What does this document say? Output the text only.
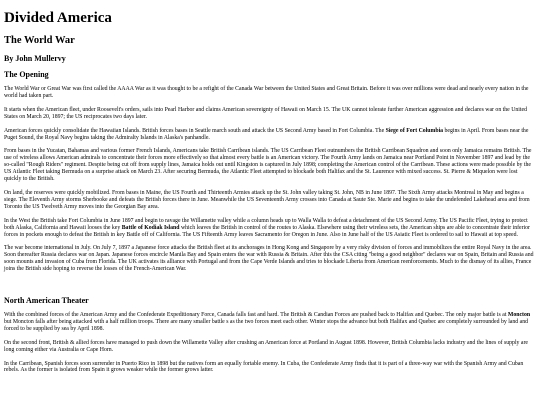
Divided America
The World War
By John Mullervy
The Opening

The World War or Great War was first called the AAAA War as it was thought to be a refight of the Canada War between the United States and Great Britain. Before it was over millions were dead and nearly every nation in the world had taken part.

It starts when the American fleet, under Roosevelt's orders, sails into Pearl Harbor and claims American sovereignty of Hawaii on March 15. The UK cannot tolerate further American aggression and declares war on the United States on March 20, 1897; the US reciprocates two days later.

American forces quickly consolidate the Hawaiian Islands. British forces bases in Seattle march south and attack the US Second Army based in Fort Columbia. The Siege of Fort Columbia begins in April. From bases near the Puget Sound, the Royal Navy begins taking the Admiralty Islands in Alaska's panhandle.

From bases in the Yucatan, Bahamas and various former French Islands, Americans take British Carribean islands. The US Carribean Fleet outnumbers the British Carribean Squadron and soon only Jamaica remains British. The use of wireless allows American admirals to concentrate their forces more effectively so that almost every battle is an American victory. The Fourth Army lands on Jamaica near Portland Point in November 1897 and lead by the so-called "Rough Riders" regiment. Despite being cut off from supply lines, Jamaica holds out until Kingston is captured in July 1898; completing the American control of the Carribean. These actions were made possible by the US Atlantic Fleet taking Bermuda on a surprise attack on March 23. After securing Bermuda, the Atlantic Fleet attempted to blockade both Halifax and the St. Laurence with mixed success. St. Pierre & Miquelon were lost quickly to the British.

On land, the reserves were quickly mobilized. From bases in Maine, the US Fourth and Thirteenth Armies attack up the St. John valley taking St. John, NB in June 1897. The Sixth Army attacks Montreal in May and begins a siege. The Eleventh Army storms Sherbooke and defeats the British forces there in June. Meanwhile the US Seventeenth Army crosses into Canada at Saute Ste. Marie and begins to take the undefended Lakehead area and from Toronto the US Twelveth Army moves into the Georgian Bay area.

In the West the British take Fort Columbia in June 1897 and begin to ravage the Willamette valley while a column heads up to Walla Walla to defeat a detachment of the US Second Army. The US Pacific Fleet, trying to protect both Alaska, California and Hawaii looses the key Battle of Kodiak Island which leaves the British in control of the routes to Alaska. Elsewhere using their wireless sets, the American ships are able to concentrate their inferior forces in pockets enough to defeat the British in key Battle off of California. The US Fifteenth Army leaves Sacramento for Oregon in June. Also in June half of the US Asiatic Fleet is ordered to sail to Hawaii at top speed.

The war become international in July. On July 7, 1897 a Japanese force attacks the British fleet at its anchorages in Hong Kong and Singapore by a very risky division of forces and immobilizes the entire Royal Navy in the area. Soon thereafter Russia declares war on Japan. Japanese forces encircle Manila Bay and Spain enters the war with Russia & Britain. After this the CSA citing "being a good neighbor" declares war on Spain, Britain and Russia and soon mounts and invasion of Cuba from Florida. The UK activates its alliance with Portugal and from the Cape Verde Islands and tries to blockade Liberia from American reenforcements. Much to the dismay of its allies, France joins the British side hoping to reverse the losses of the French-American War.

North American Theater

With the combined forces of the American Army and the Confederate Expeditionary Force, Canada falls fast and hard. The British & Candian Forces are pushed back to Halifax and Quebec. The only major battle is at Moncton but Moncton falls after being attacked with a half million troops. There are many smaller battle s as the two forces meet each other. Winter stops the advance but both Halifax and Quebec are completely surrounded by land and forced to be supplied by sea by April 1898.

On the second front, British & allied forces have managed to push down the Willamette Valley after crushing an American force at Portland in August 1898. However, British Columbia lacks industry and the lines of supply are long coming either via Australia or Cape Horn.

In the Carribean, Spanish forces soon surrender in Puerto Rico in 1898 but the natives form an equally fortable enemy. In Cuba, the Confederate Army finds that it is part of a three-way war with the Spanish Army and Cuban rebels. As the former is isolated from Spain it grows weaker while the former grows latter.
